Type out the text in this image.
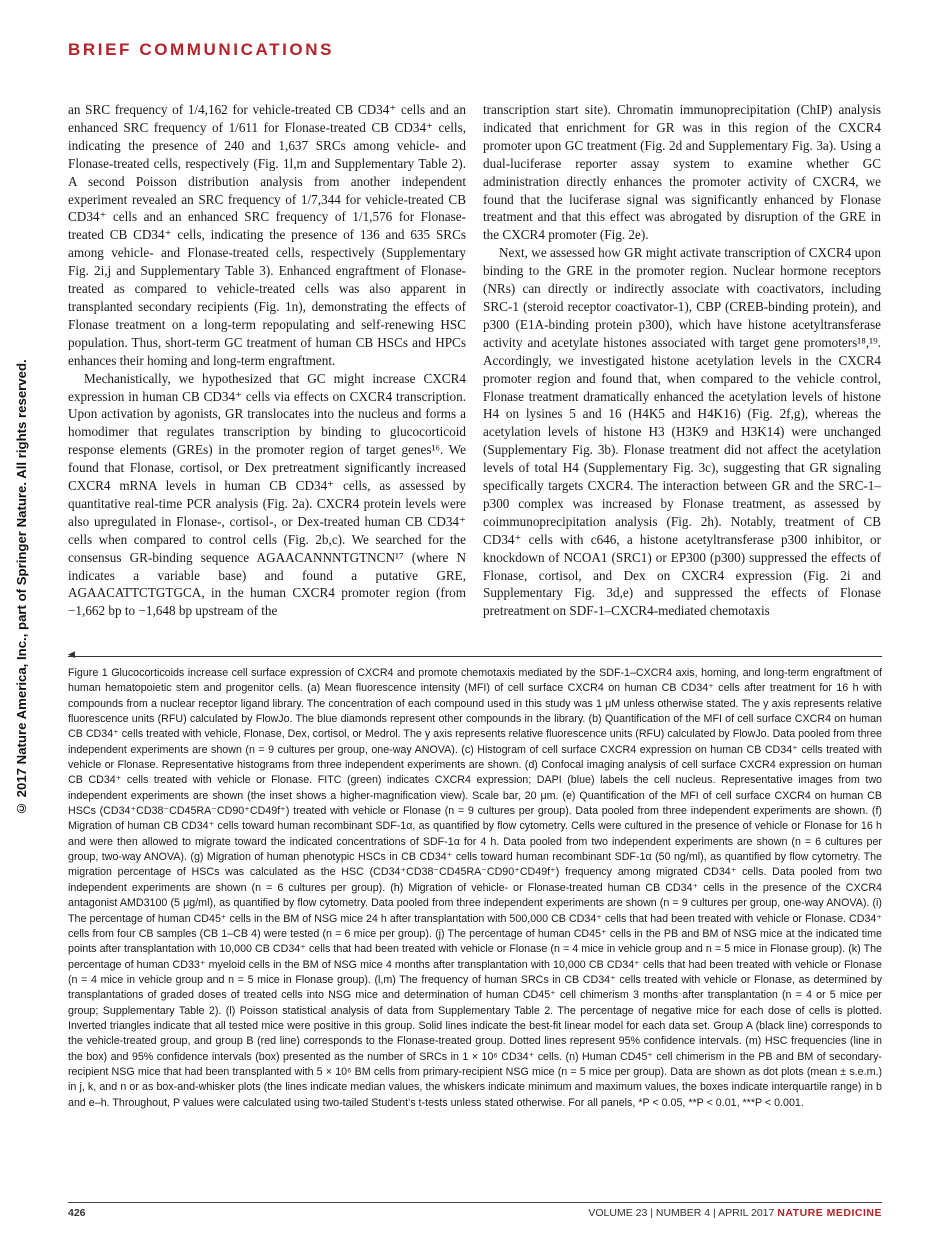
BRIEF COMMUNICATIONS
© 2017 Nature America, Inc., part of Springer Nature. All rights reserved.

an SRC frequency of 1/4,162 for vehicle-treated CB CD34⁺ cells and an enhanced SRC frequency of 1/611 for Flonase-treated CB CD34⁺ cells, indicating the presence of 240 and 1,637 SRCs among vehicle- and Flonase-treated cells, respectively (Fig. 1l,m and Supplementary Table 2). A second Poisson distribution analysis from another independent experiment revealed an SRC frequency of 1/7,344 for vehicle-treated CB CD34⁺ cells and an enhanced SRC frequency of 1/1,576 for Flonase-treated CB CD34⁺ cells, indicating the presence of 136 and 635 SRCs among vehicle- and Flonase-treated cells, respectively (Supplementary Fig. 2i,j and Supplementary Table 3). Enhanced engraftment of Flonase-treated as compared to vehicle-treated cells was also apparent in transplanted secondary recipients (Fig. 1n), demonstrating the effects of Flonase treatment on a long-term repopulating and self-renewing HSC population. Thus, short-term GC treatment of human CB HSCs and HPCs enhances their homing and long-term engraftment.

Mechanistically, we hypothesized that GC might increase CXCR4 expression in human CB CD34⁺ cells via effects on CXCR4 transcription. Upon activation by agonists, GR translocates into the nucleus and forms a homodimer that regulates transcription by binding to glucocorticoid response elements (GREs) in the promoter region of target genes¹⁶. We found that Flonase, cortisol, or Dex pretreatment significantly increased CXCR4 mRNA levels in human CB CD34⁺ cells, as assessed by quantitative real-time PCR analysis (Fig. 2a). CXCR4 protein levels were also upregulated in Flonase-, cortisol-, or Dex-treated human CB CD34⁺ cells when compared to control cells (Fig. 2b,c). We searched for the consensus GR-binding sequence AGAACANNNTGTNCN¹⁷ (where N indicates a variable base) and found a putative GRE, AGAACATTCTGTGCA, in the human CXCR4 promoter region (from −1,662 bp to −1,648 bp upstream of the

transcription start site). Chromatin immunoprecipitation (ChIP) analysis indicated that enrichment for GR was in this region of the CXCR4 promoter upon GC treatment (Fig. 2d and Supplementary Fig. 3a). Using a dual-luciferase reporter assay system to examine whether GC administration directly enhances the promoter activity of CXCR4, we found that the luciferase signal was significantly enhanced by Flonase treatment and that this effect was abrogated by disruption of the GRE in the CXCR4 promoter (Fig. 2e).

Next, we assessed how GR might activate transcription of CXCR4 upon binding to the GRE in the promoter region. Nuclear hormone receptors (NRs) can directly or indirectly associate with coactivators, including SRC-1 (steroid receptor coactivator-1), CBP (CREB-binding protein), and p300 (E1A-binding protein p300), which have histone acetyltransferase activity and acetylate histones associated with target gene promoters¹⁸,¹⁹. Accordingly, we investigated histone acetylation levels in the CXCR4 promoter region and found that, when compared to the vehicle control, Flonase treatment dramatically enhanced the acetylation levels of histone H4 on lysines 5 and 16 (H4K5 and H4K16) (Fig. 2f,g), whereas the acetylation levels of histone H3 (H3K9 and H3K14) were unchanged (Supplementary Fig. 3b). Flonase treatment did not affect the acetylation levels of total H4 (Supplementary Fig. 3c), suggesting that GR signaling specifically targets CXCR4. The interaction between GR and the SRC-1–p300 complex was increased by Flonase treatment, as assessed by coimmunoprecipitation analysis (Fig. 2h). Notably, treatment of CB CD34⁺ cells with c646, a histone acetyltransferase p300 inhibitor, or knockdown of NCOA1 (SRC1) or EP300 (p300) suppressed the effects of Flonase, cortisol, and Dex on CXCR4 expression (Fig. 2i and Supplementary Fig. 3d,e) and suppressed the effects of Flonase pretreatment on SDF-1–CXCR4-mediated chemotaxis

◀

Figure 1 Glucocorticoids increase cell surface expression of CXCR4 and promote chemotaxis mediated by the SDF-1–CXCR4 axis, homing, and long-term engraftment of human hematopoietic stem and progenitor cells. (a) Mean fluorescence intensity (MFI) of cell surface CXCR4 on human CB CD34⁺ cells after treatment for 16 h with compounds from a nuclear receptor ligand library. The concentration of each compound used in this study was 1 μM unless otherwise stated. The y axis represents relative fluorescence units (RFU) calculated by FlowJo. The blue diamonds represent other compounds in the library. (b) Quantification of the MFI of cell surface CXCR4 on human CB CD34⁺ cells treated with vehicle, Flonase, Dex, cortisol, or Medrol. The y axis represents relative fluorescence units (RFU) calculated by FlowJo. Data pooled from three independent experiments are shown (n = 9 cultures per group, one-way ANOVA). (c) Histogram of cell surface CXCR4 expression on human CB CD34⁺ cells treated with vehicle or Flonase. Representative histograms from three independent experiments are shown. (d) Confocal imaging analysis of cell surface CXCR4 expression on human CB CD34⁺ cells treated with vehicle or Flonase. FITC (green) indicates CXCR4 expression; DAPI (blue) labels the cell nucleus. Representative images from two independent experiments are shown (the inset shows a higher-magnification view). Scale bar, 20 μm. (e) Quantification of the MFI of cell surface CXCR4 on human CB HSCs (CD34⁺CD38⁻CD45RA⁻CD90⁺CD49f⁺) treated with vehicle or Flonase (n = 9 cultures per group). Data pooled from three independent experiments are shown. (f) Migration of human CB CD34⁺ cells toward human recombinant SDF-1α, as quantified by flow cytometry. Cells were cultured in the presence of vehicle or Flonase for 16 h and were then allowed to migrate toward the indicated concentrations of SDF-1α for 4 h. Data pooled from two independent experiments are shown (n = 6 cultures per group, two-way ANOVA). (g) Migration of human phenotypic HSCs in CB CD34⁺ cells toward human recombinant SDF-1α (50 ng/ml), as quantified by flow cytometry. The migration percentage of HSCs was calculated as the HSC (CD34⁺CD38⁻CD45RA⁻CD90⁺CD49f⁺) frequency among migrated CD34⁺ cells. Data pooled from two independent experiments are shown (n = 6 cultures per group). (h) Migration of vehicle- or Flonase-treated human CB CD34⁺ cells in the presence of the CXCR4 antagonist AMD3100 (5 μg/ml), as quantified by flow cytometry. Data pooled from three independent experiments are shown (n = 9 cultures per group, one-way ANOVA). (i) The percentage of human CD45⁺ cells in the BM of NSG mice 24 h after transplantation with 500,000 CB CD34⁺ cells that had been treated with vehicle or Flonase. CD34⁺ cells from four CB samples (CB 1–CB 4) were tested (n = 6 mice per group). (j) The percentage of human CD45⁺ cells in the PB and BM of NSG mice at the indicated time points after transplantation with 10,000 CB CD34⁺ cells that had been treated with vehicle or Flonase (n = 4 mice in vehicle group and n = 5 mice in Flonase group). (k) The percentage of human CD33⁺ myeloid cells in the BM of NSG mice 4 months after transplantation with 10,000 CB CD34⁺ cells that had been treated with vehicle or Flonase (n = 4 mice in vehicle group and n = 5 mice in Flonase group). (l,m) The frequency of human SRCs in CB CD34⁺ cells treated with vehicle or Flonase, as determined by transplantations of graded doses of treated cells into NSG mice and determination of human CD45⁺ cell chimerism 3 months after transplantation (n = 4 or 5 mice per group; Supplementary Table 2). (l) Poisson statistical analysis of data from Supplementary Table 2. The percentage of negative mice for each dose of cells is plotted. Inverted triangles indicate that all tested mice were positive in this group. Solid lines indicate the best-fit linear model for each data set. Group A (black line) corresponds to the vehicle-treated group, and group B (red line) corresponds to the Flonase-treated group. Dotted lines represent 95% confidence intervals. (m) HSC frequencies (line in the box) and 95% confidence intervals (box) presented as the number of SRCs in 1 × 10⁶ CD34⁺ cells. (n) Human CD45⁺ cell chimerism in the PB and BM of secondary-recipient NSG mice that had been transplanted with 5 × 10⁶ BM cells from primary-recipient NSG mice (n = 5 mice per group). Data are shown as dot plots (mean ± s.e.m.) in j, k, and n or as box-and-whisker plots (the lines indicate median values, the whiskers indicate minimum and maximum values, the boxes indicate interquartile range) in b and e–h. Throughout, P values were calculated using two-tailed Student’s t-tests unless stated otherwise. For all panels, *P < 0.05, **P < 0.01, ***P < 0.001.

426	VOLUME 23 | NUMBER 4 | APRIL 2017 NATURE MEDICINE
